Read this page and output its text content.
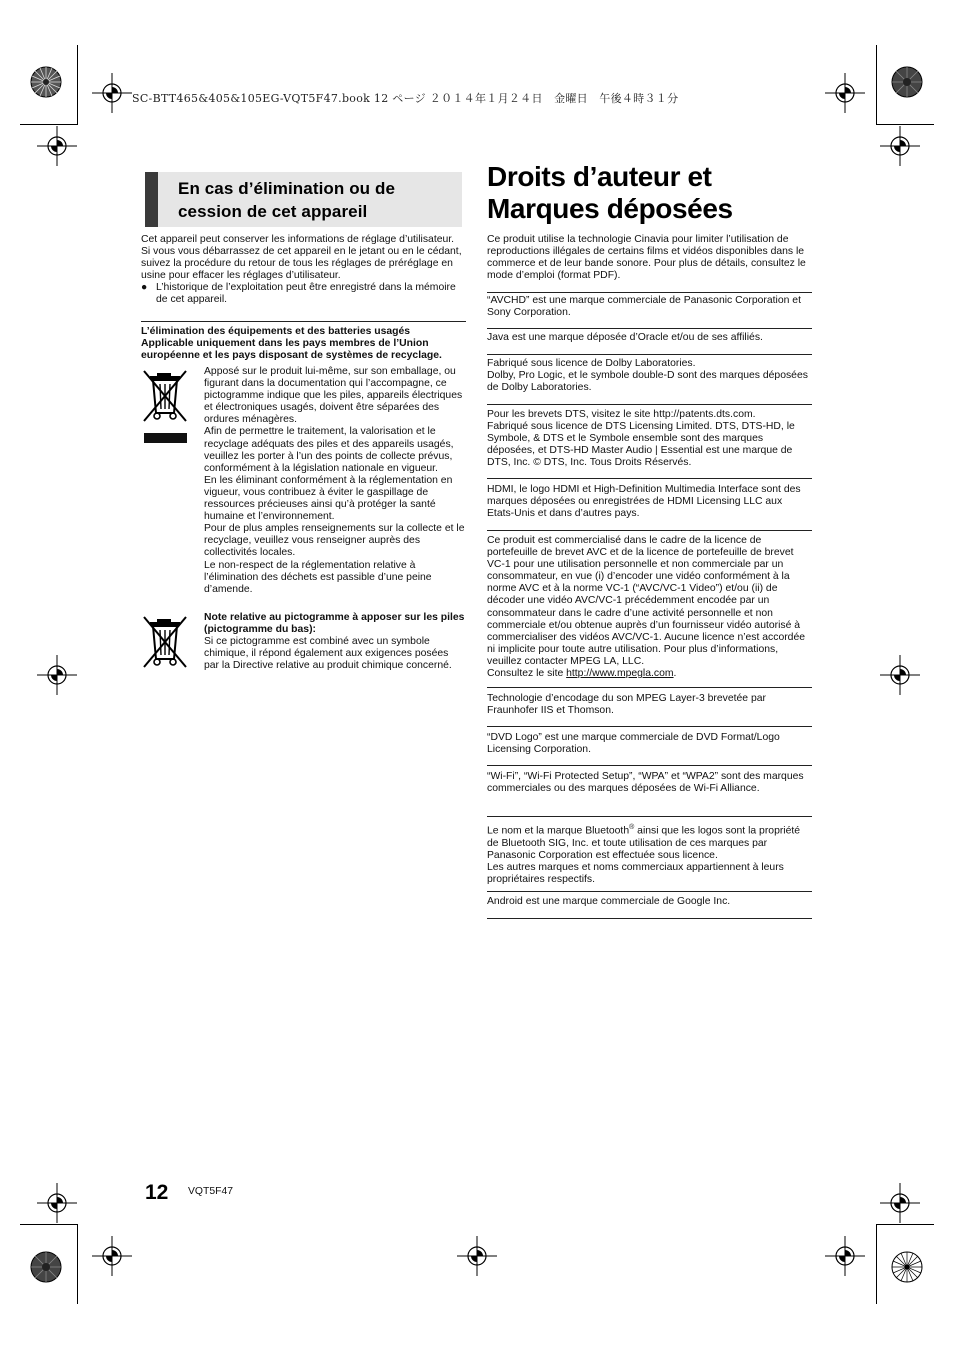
SC-BTT465&405&105EG-VQT5F47.book 12 ページ ２０１４年１月２４日　金曜日　午後４時３１分
En cas d’élimination ou de cession de cet appareil

Cet appareil peut conserver les informations de réglage d’utilisateur. Si vous vous débarrassez de cet appareil en le jetant ou en le cédant, suivez la procédure du retour de tous les réglages de préréglage en usine pour effacer les réglages d’utilisateur.

● L’historique de l’exploitation peut être enregistré dans la mémoire de cet appareil.

L’élimination des équipements et des batteries usagés

Applicable uniquement dans les pays membres de l’Union européenne et les pays disposant de systèmes de recyclage.

Apposé sur le produit lui-même, sur son emballage, ou figurant dans la documentation qui l’accompagne, ce pictogramme indique que les piles, appareils électriques et électroniques usagés, doivent être séparées des ordures ménagères.

Afin de permettre le traitement, la valorisation et le recyclage adéquats des piles et des appareils usagés, veuillez les porter à l’un des points de collecte prévus, conformément à la législation nationale en vigueur.

En les éliminant conformément à la réglementation en vigueur, vous contribuez à éviter le gaspillage de ressources précieuses ainsi qu’à protéger la santé humaine et l’environnement.

Pour de plus amples renseignements sur la collecte et le recyclage, veuillez vous renseigner auprès des collectivités locales.

Le non-respect de la réglementation relative à l’élimination des déchets est passible d’une peine d’amende.

Note relative au pictogramme à apposer sur les piles (pictogramme du bas):

Si ce pictogramme est combiné avec un symbole chimique, il répond également aux exigences posées par la Directive relative au produit chimique concerné.

Droits d’auteur et Marques déposées

Ce produit utilise la technologie Cinavia pour limiter l’utilisation de reproductions illégales de certains films et vidéos disponibles dans le commerce et de leur bande sonore. Pour plus de détails, consultez le mode d’emploi (format PDF).

“AVCHD” est une marque commerciale de Panasonic Corporation et Sony Corporation.

Java est une marque déposée d’Oracle et/ou de ses affiliés.

Fabriqué sous licence de Dolby Laboratories.

Dolby, Pro Logic, et le symbole double-D sont des marques déposées de Dolby Laboratories.

Pour les brevets DTS, visitez le site http://patents.dts.com.

Fabriqué sous licence de DTS Licensing Limited. DTS, DTS-HD, le Symbole, & DTS et le Symbole ensemble sont des marques déposées, et DTS-HD Master Audio | Essential est une marque de DTS, Inc. © DTS, Inc. Tous Droits Réservés.

HDMI, le logo HDMI et High-Definition Multimedia Interface sont des marques déposées ou enregistrées de HDMI Licensing LLC aux Etats-Unis et dans d’autres pays.

Ce produit est commercialisé dans le cadre de la licence de portefeuille de brevet AVC et de la licence de portefeuille de brevet VC-1 pour une utilisation personnelle et non commerciale par un consommateur, en vue (i) d’encoder une vidéo conformément à la norme AVC et à la norme VC-1 (“AVC/VC-1 Video”) et/ou (ii) de décoder une vidéo AVC/VC-1 précédemment encodée par un consommateur dans le cadre d’une activité personnelle et non commerciale et/ou obtenue auprès d’un fournisseur vidéo autorisé à commercialiser des vidéos AVC/VC-1. Aucune licence n’est accordée ni implicite pour toute autre utilisation. Pour plus d’informations, veuillez contacter MPEG LA, LLC.

Consultez le site http://www.mpegla.com.

Technologie d’encodage du son MPEG Layer-3 brevetée par Fraunhofer IIS et Thomson.

“DVD Logo” est une marque commerciale de DVD Format/Logo Licensing Corporation.

“Wi-Fi”, “Wi-Fi Protected Setup”, “WPA” et “WPA2” sont des marques commerciales ou des marques déposées de Wi-Fi Alliance.

Le nom et la marque Bluetooth® ainsi que les logos sont la propriété de Bluetooth SIG, Inc. et toute utilisation de ces marques par Panasonic Corporation est effectuée sous licence.

Les autres marques et noms commerciaux appartiennent à leurs propriétaires respectifs.

Android est une marque commerciale de Google Inc.

12 VQT5F47
